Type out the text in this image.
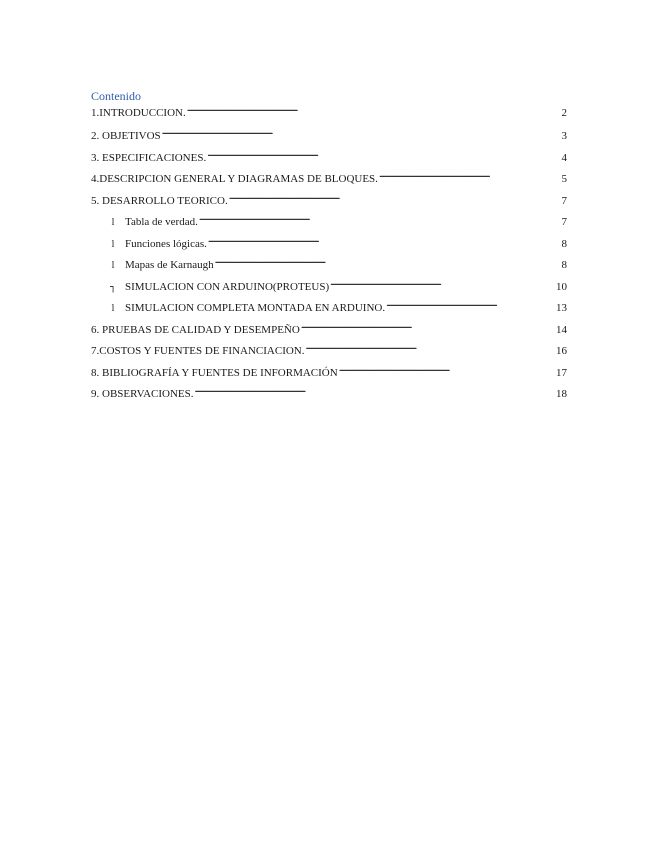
Contenido
1.INTRODUCCION. . . .	2
2. OBJETIVOS . . .	3
3. ESPECIFICACIONES. . . .	4
4.DESCRIPCION GENERAL Y DIAGRAMAS DE BLOQUES. . . .	5
5. DESARROLLO TEORICO. . . .	7
l Tabla de verdad. . . .	7
l Funciones lógicas. . . .	8
l Mapas de Karnaugh . . .	8
┐ SIMULACION CON ARDUINO(PROTEUS) . . .	10
l SIMULACION COMPLETA MONTADA EN ARDUINO. . . .	13
6. PRUEBAS DE CALIDAD Y DESEMPEÑO . . .	14
7.COSTOS Y FUENTES DE FINANCIACION. . . .	16
8. BIBLIOGRAFÍA Y FUENTES DE INFORMACIÓN . . .	17
9. OBSERVACIONES. . . .	18
